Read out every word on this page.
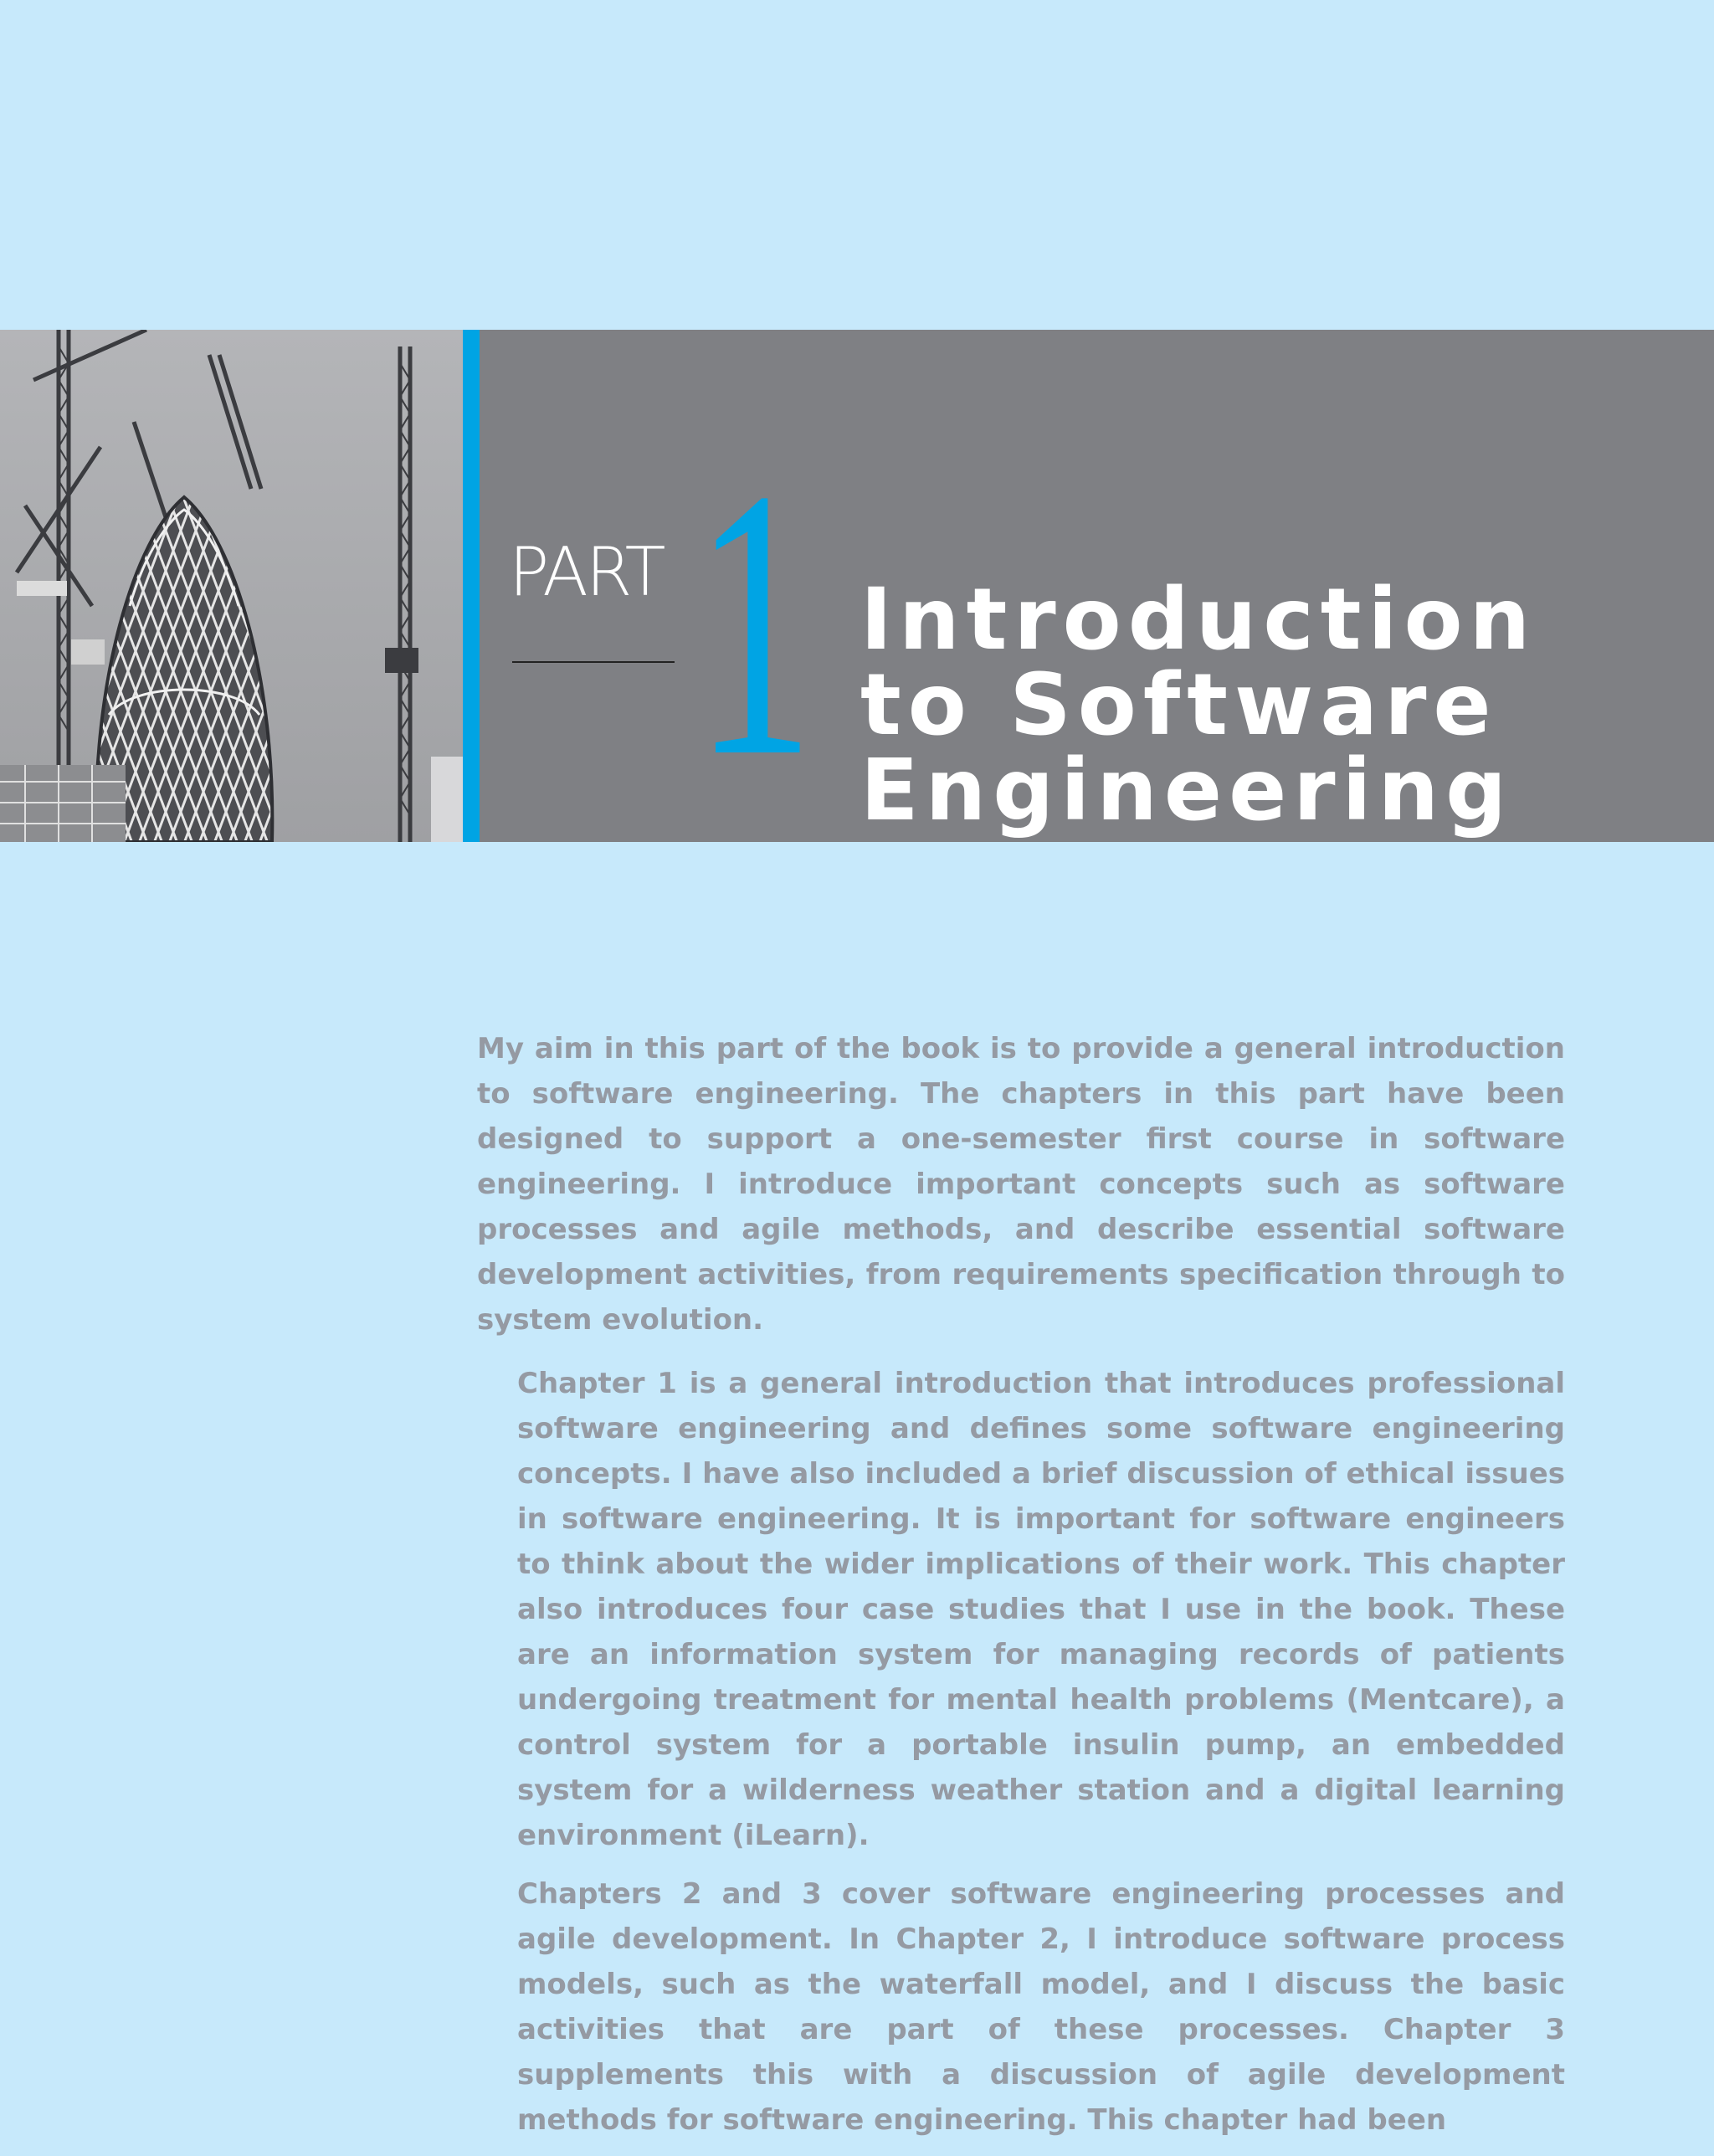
PART 1 Introduction
to Software
Engineering

My aim in this part of the book is to provide a general introduction to software engineering. The chapters in this part have been designed to support a one-semester first course in software engineering. I introduce important concepts such as software processes and agile methods, and describe essential software development activities, from requirements specification through to system evolution.

Chapter 1 is a general introduction that introduces professional software engineering and defines some software engineering concepts. I have also included a brief discussion of ethical issues in software engineering. It is important for software engineers to think about the wider implications of their work. This chapter also introduces four case studies that I use in the book. These are an information system for managing records of patients undergoing treatment for mental health problems (Mentcare), a control system for a portable insulin pump, an embedded system for a wilderness weather station and a digital learning environment (iLearn).

Chapters 2 and 3 cover software engineering processes and agile development. In Chapter 2, I introduce software process models, such as the waterfall model, and I discuss the basic activities that are part of these processes. Chapter 3 supplements this with a discussion of agile development methods for software engineering. This chapter had been
